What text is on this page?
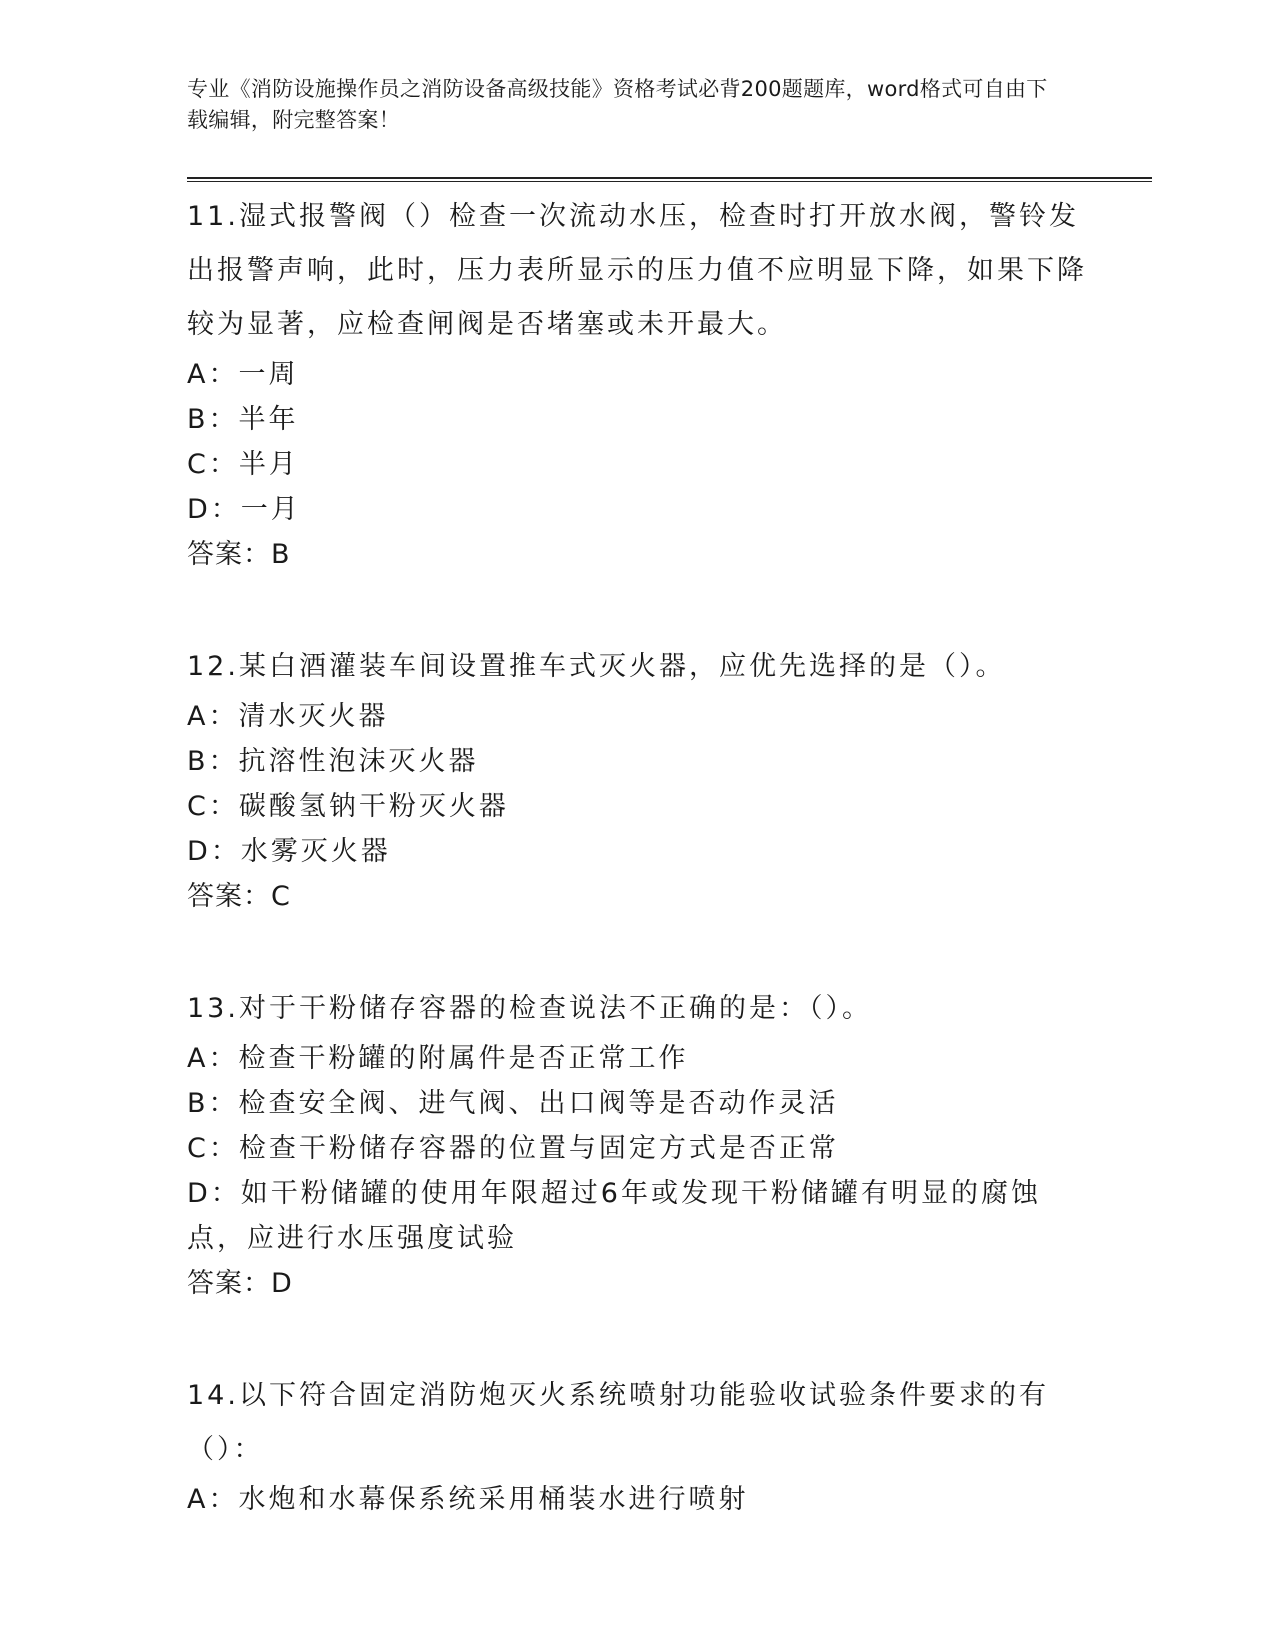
专业《消防设施操作员之消防设备高级技能》资格考试必背200题题库，word格式可自由下载编辑，附完整答案！

11.湿式报警阀（）检查一次流动水压，检查时打开放水阀，警铃发出报警声响，此时，压力表所显示的压力值不应明显下降，如果下降较为显著，应检查闸阀是否堵塞或未开最大。

A：一周

B：半年

C：半月

D：一月

答案：B

12.某白酒灌装车间设置推车式灭火器，应优先选择的是（）。

A：清水灭火器

B：抗溶性泡沫灭火器

C：碳酸氢钠干粉灭火器

D：水雾灭火器

答案：C

13.对于干粉储存容器的检查说法不正确的是：（）。

A：检查干粉罐的附属件是否正常工作

B：检查安全阀、进气阀、出口阀等是否动作灵活

C：检查干粉储存容器的位置与固定方式是否正常

D：如干粉储罐的使用年限超过6年或发现干粉储罐有明显的腐蚀点，应进行水压强度试验

答案：D

14.以下符合固定消防炮灭火系统喷射功能验收试验条件要求的有（）：

A：水炮和水幕保系统采用桶装水进行喷射
